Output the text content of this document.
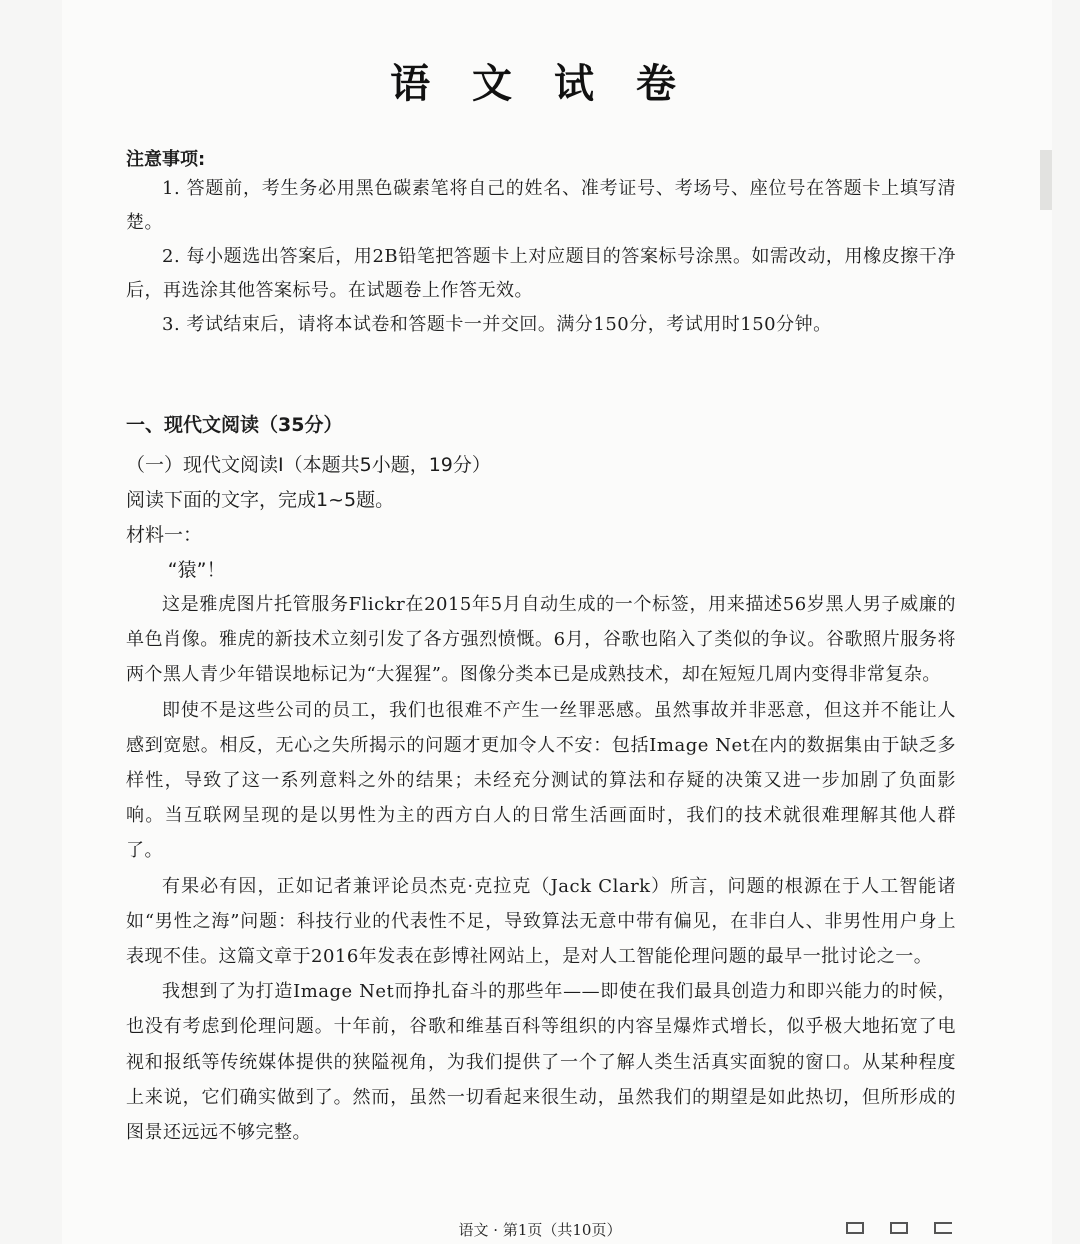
语 文 试 卷
注意事项:

1. 答题前，考生务必用黑色碳素笔将自己的姓名、准考证号、考场号、座位号在答题卡上填写清楚。

2. 每小题选出答案后，用2B铅笔把答题卡上对应题目的答案标号涂黑。如需改动，用橡皮擦干净后，再选涂其他答案标号。在试题卷上作答无效。

3. 考试结束后，请将本试卷和答题卡一并交回。满分150分，考试用时150分钟。

一、现代文阅读（35分）
（一）现代文阅读Ⅰ（本题共5小题，19分）
阅读下面的文字，完成1~5题。
材料一：
“猿”！

这是雅虎图片托管服务Flickr在2015年5月自动生成的一个标签，用来描述56岁黑人男子威廉的单色肖像。雅虎的新技术立刻引发了各方强烈愤慨。6月，谷歌也陷入了类似的争议。谷歌照片服务将两个黑人青少年错误地标记为“大猩猩”。图像分类本已是成熟技术，却在短短几周内变得非常复杂。

即使不是这些公司的员工，我们也很难不产生一丝罪恶感。虽然事故并非恶意，但这并不能让人感到宽慰。相反，无心之失所揭示的问题才更加令人不安：包括Image Net在内的数据集由于缺乏多样性，导致了这一系列意料之外的结果；未经充分测试的算法和存疑的决策又进一步加剧了负面影响。当互联网呈现的是以男性为主的西方白人的日常生活画面时，我们的技术就很难理解其他人群了。

有果必有因，正如记者兼评论员杰克·克拉克（Jack Clark）所言，问题的根源在于人工智能诸如“男性之海”问题：科技行业的代表性不足，导致算法无意中带有偏见，在非白人、非男性用户身上表现不佳。这篇文章于2016年发表在彭博社网站上，是对人工智能伦理问题的最早一批讨论之一。

我想到了为打造Image Net而挣扎奋斗的那些年——即使在我们最具创造力和即兴能力的时候，也没有考虑到伦理问题。十年前，谷歌和维基百科等组织的内容呈爆炸式增长，似乎极大地拓宽了电视和报纸等传统媒体提供的狭隘视角，为我们提供了一个了解人类生活真实面貌的窗口。从某种程度上来说，它们确实做到了。然而，虽然一切看起来很生动，虽然我们的期望是如此热切，但所形成的图景还远远不够完整。

语文 · 第1页（共10页）
